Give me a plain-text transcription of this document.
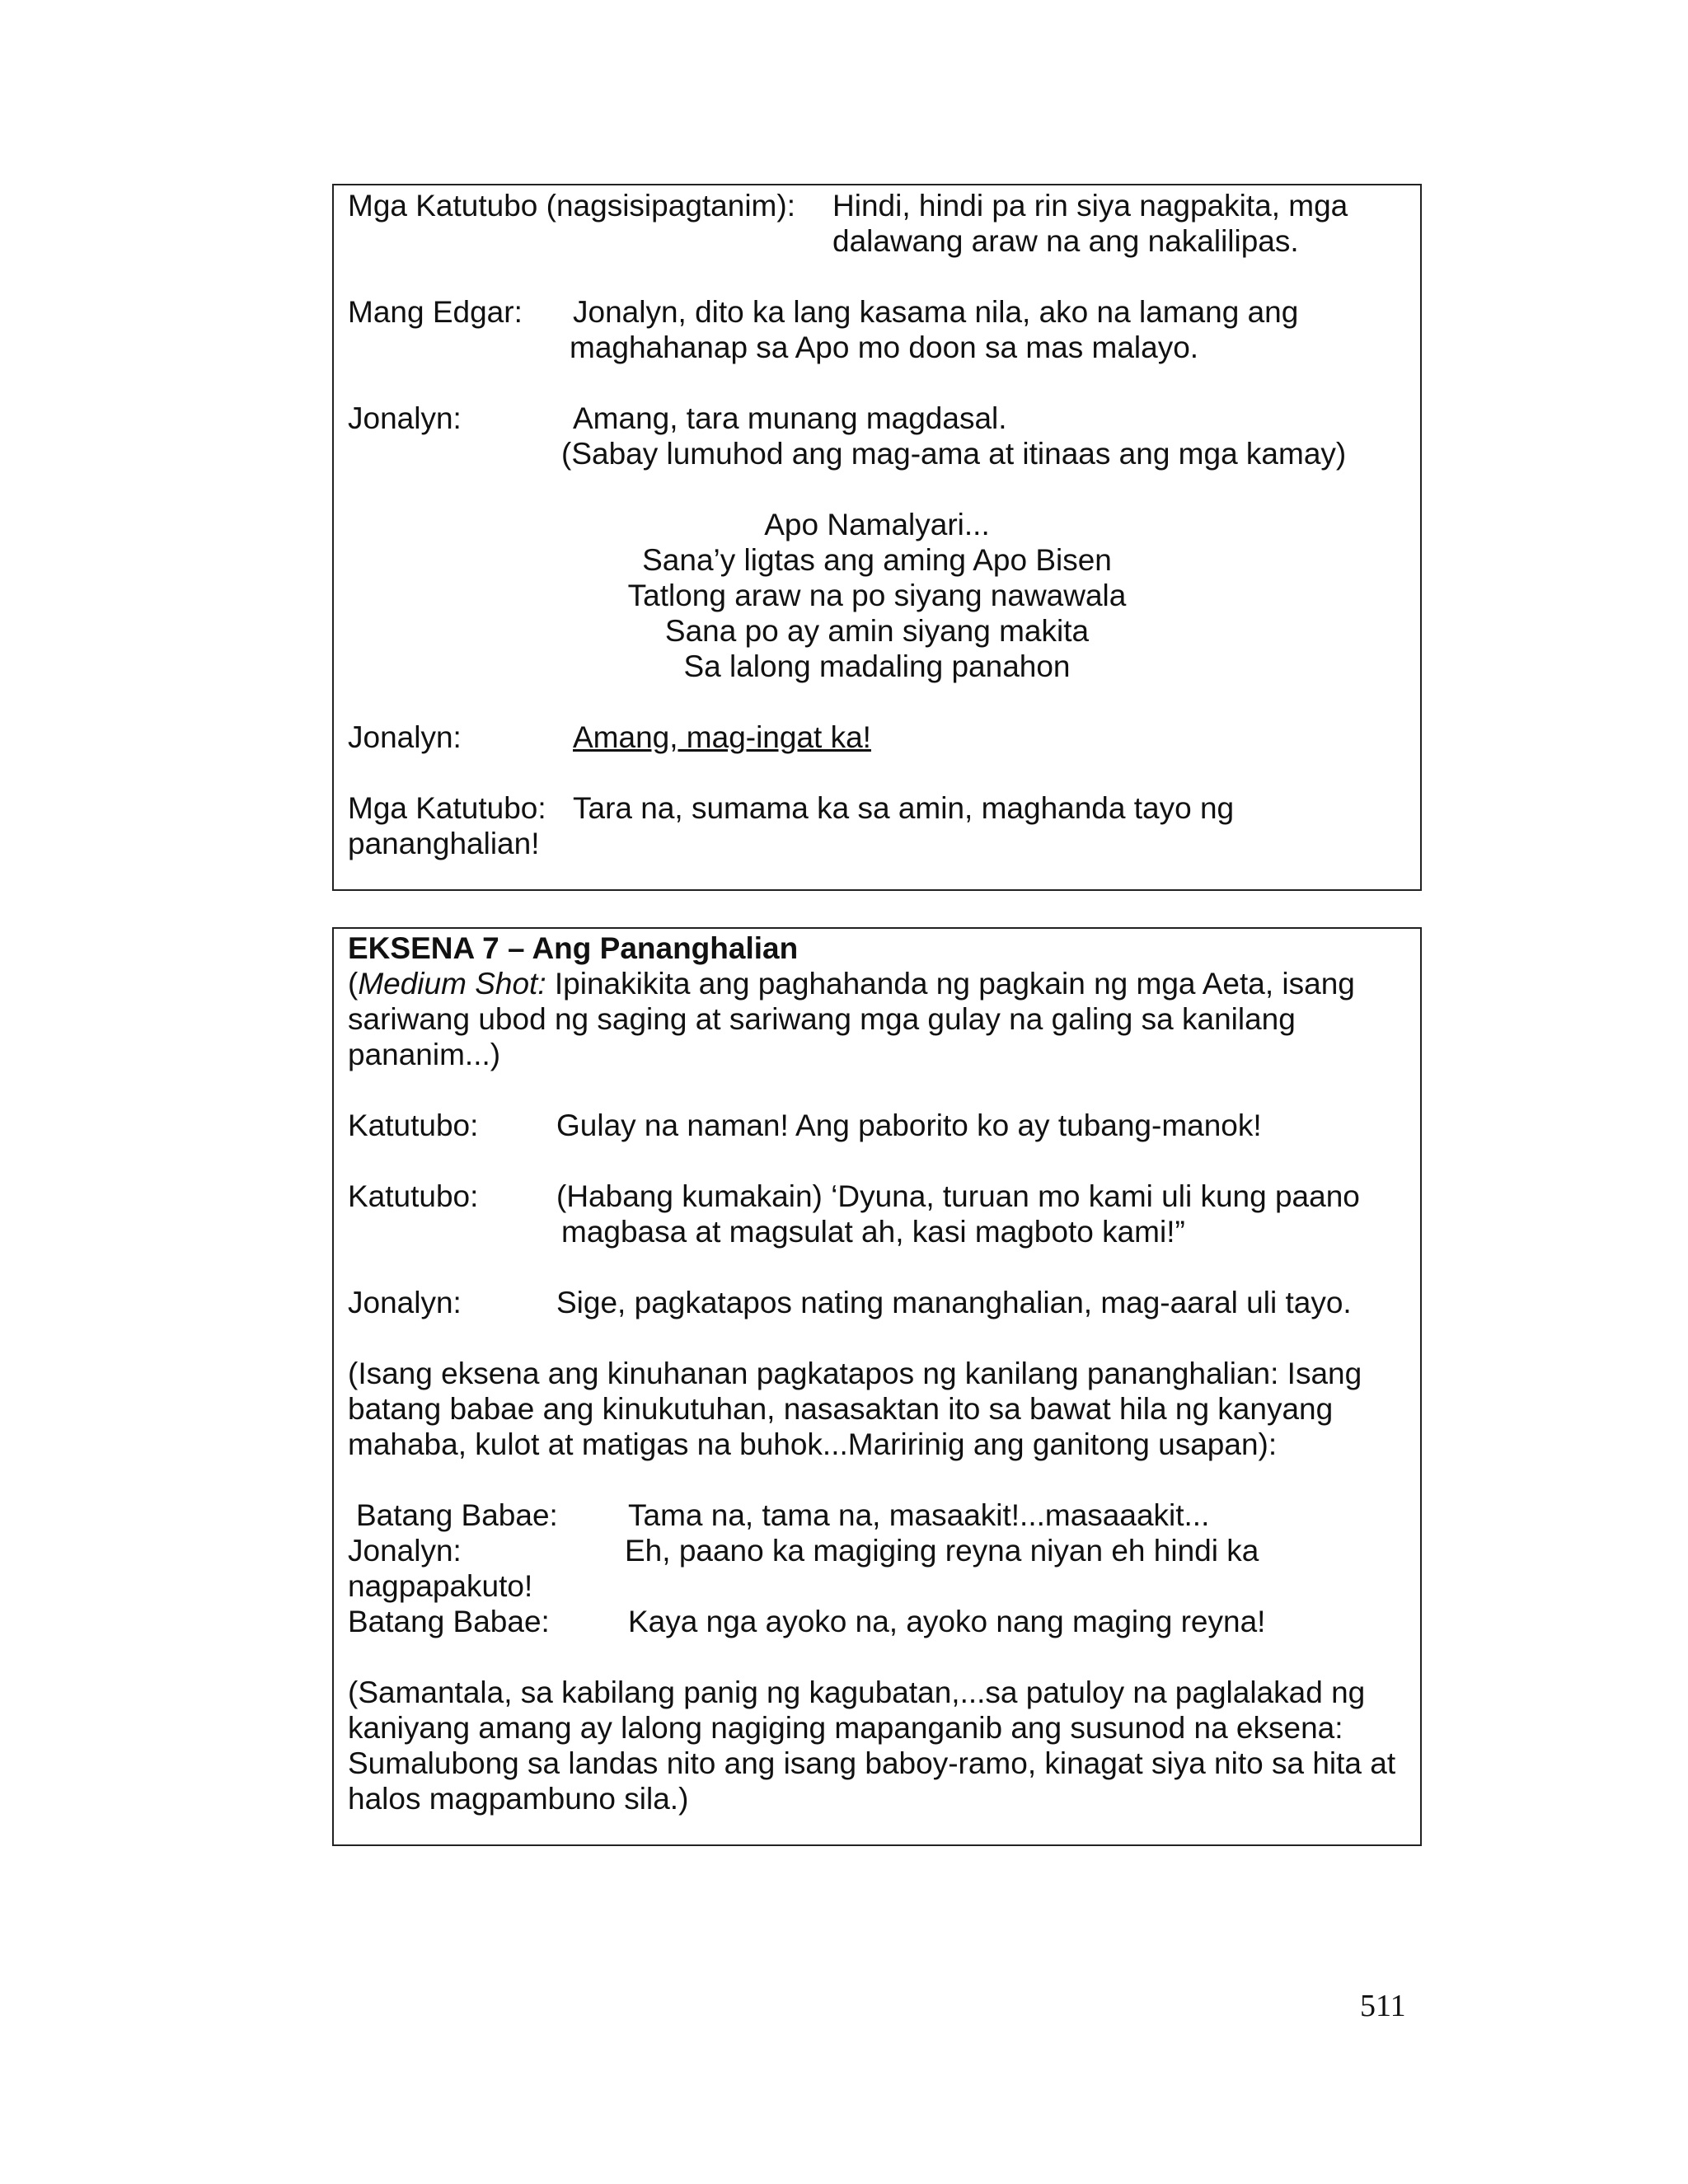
Mga Katutubo (nagsisipagtanim): Hindi, hindi pa rin siya nagpakita, mga
dalawang araw na ang nakalilipas.
Mang Edgar: Jonalyn, dito ka lang kasama nila, ako na lamang ang
maghahanap sa Apo mo doon sa mas malayo.
Jonalyn:	Amang, tara munang magdasal.
(Sabay lumuhod ang mag-ama at itinaas ang mga kamay)
Apo Namalyari...
Sana’y ligtas ang aming Apo Bisen
Tatlong araw na po siyang nawawala
Sana po ay amin siyang makita
Sa lalong madaling panahon
Jonalyn:	Amang, mag-ingat ka!
Mga Katutubo: Tara na, sumama ka sa amin, maghanda tayo ng
pananghalian!
EKSENA 7 – Ang Pananghalian
(Medium Shot: Ipinakikita ang paghahanda ng pagkain ng mga Aeta, isang
sariwang ubod ng saging at sariwang mga gulay na galing sa kanilang
pananim...)
Katutubo:	Gulay na naman! Ang paborito ko ay tubang-manok!
Katutubo:	(Habang kumakain) ‘Dyuna, turuan mo kami uli kung paano
magbasa at magsulat ah, kasi magboto kami!”
Jonalyn:	Sige, pagkatapos nating mananghalian, mag-aaral uli tayo.
(Isang eksena ang kinuhanan pagkatapos ng kanilang pananghalian: Isang
batang babae ang kinukutuhan, nasasaktan ito sa bawat hila ng kanyang
mahaba, kulot at matigas na buhok...Maririnig ang ganitong usapan):
Batang Babae: Tama na, tama na, masaakit!...masaaakit...
Jonalyn:	Eh, paano ka magiging reyna niyan eh hindi ka
nagpapakuto!
Batang Babae:	Kaya nga ayoko na, ayoko nang maging reyna!
(Samantala, sa kabilang panig ng kagubatan,...sa patuloy na paglalakad ng
kaniyang amang ay lalong nagiging mapanganib ang susunod na eksena:
Sumalubong sa landas nito ang isang baboy-ramo, kinagat siya nito sa hita at
halos magpambuno sila.)
511
